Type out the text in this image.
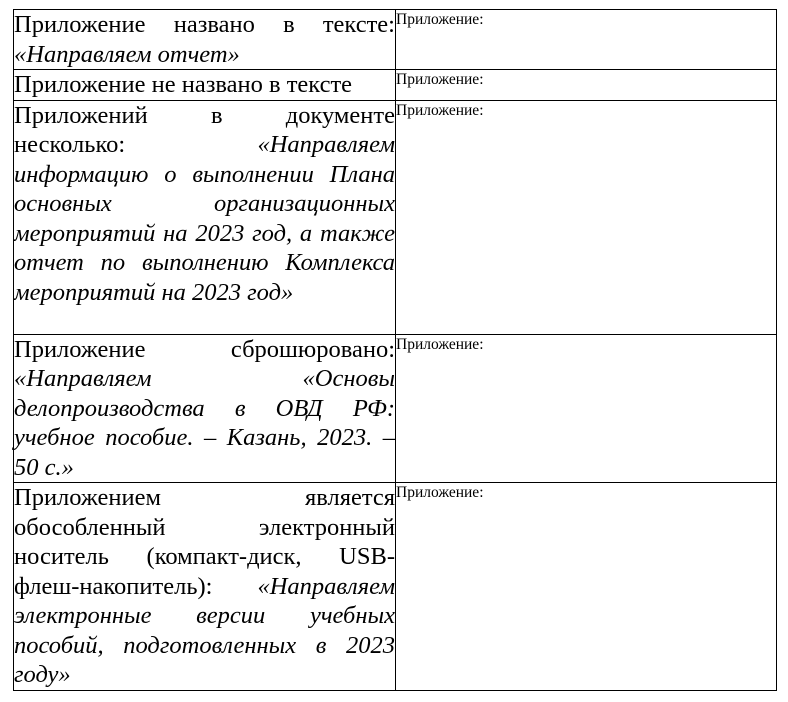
Приложение названо в тексте: «Направляем отчет»	Приложение:
Приложение не названо в тексте	Приложение:
Приложений в документе несколько: «Направляем информацию о выполнении Плана основных организационных мероприятий на 2023 год, а также отчет по выполнению Комплекса мероприятий на 2023 год»	Приложение:
Приложение сброшюровано: «Направляем «Основы делопроизводства в ОВД РФ: учебное пособие. – Казань, 2023. – 50 с.»	Приложение:
Приложением является обособленный электронный носитель (компакт-диск, USB-флеш-накопитель): «Направляем электронные версии учебных пособий, подготовленных в 2023 году»	Приложение:
